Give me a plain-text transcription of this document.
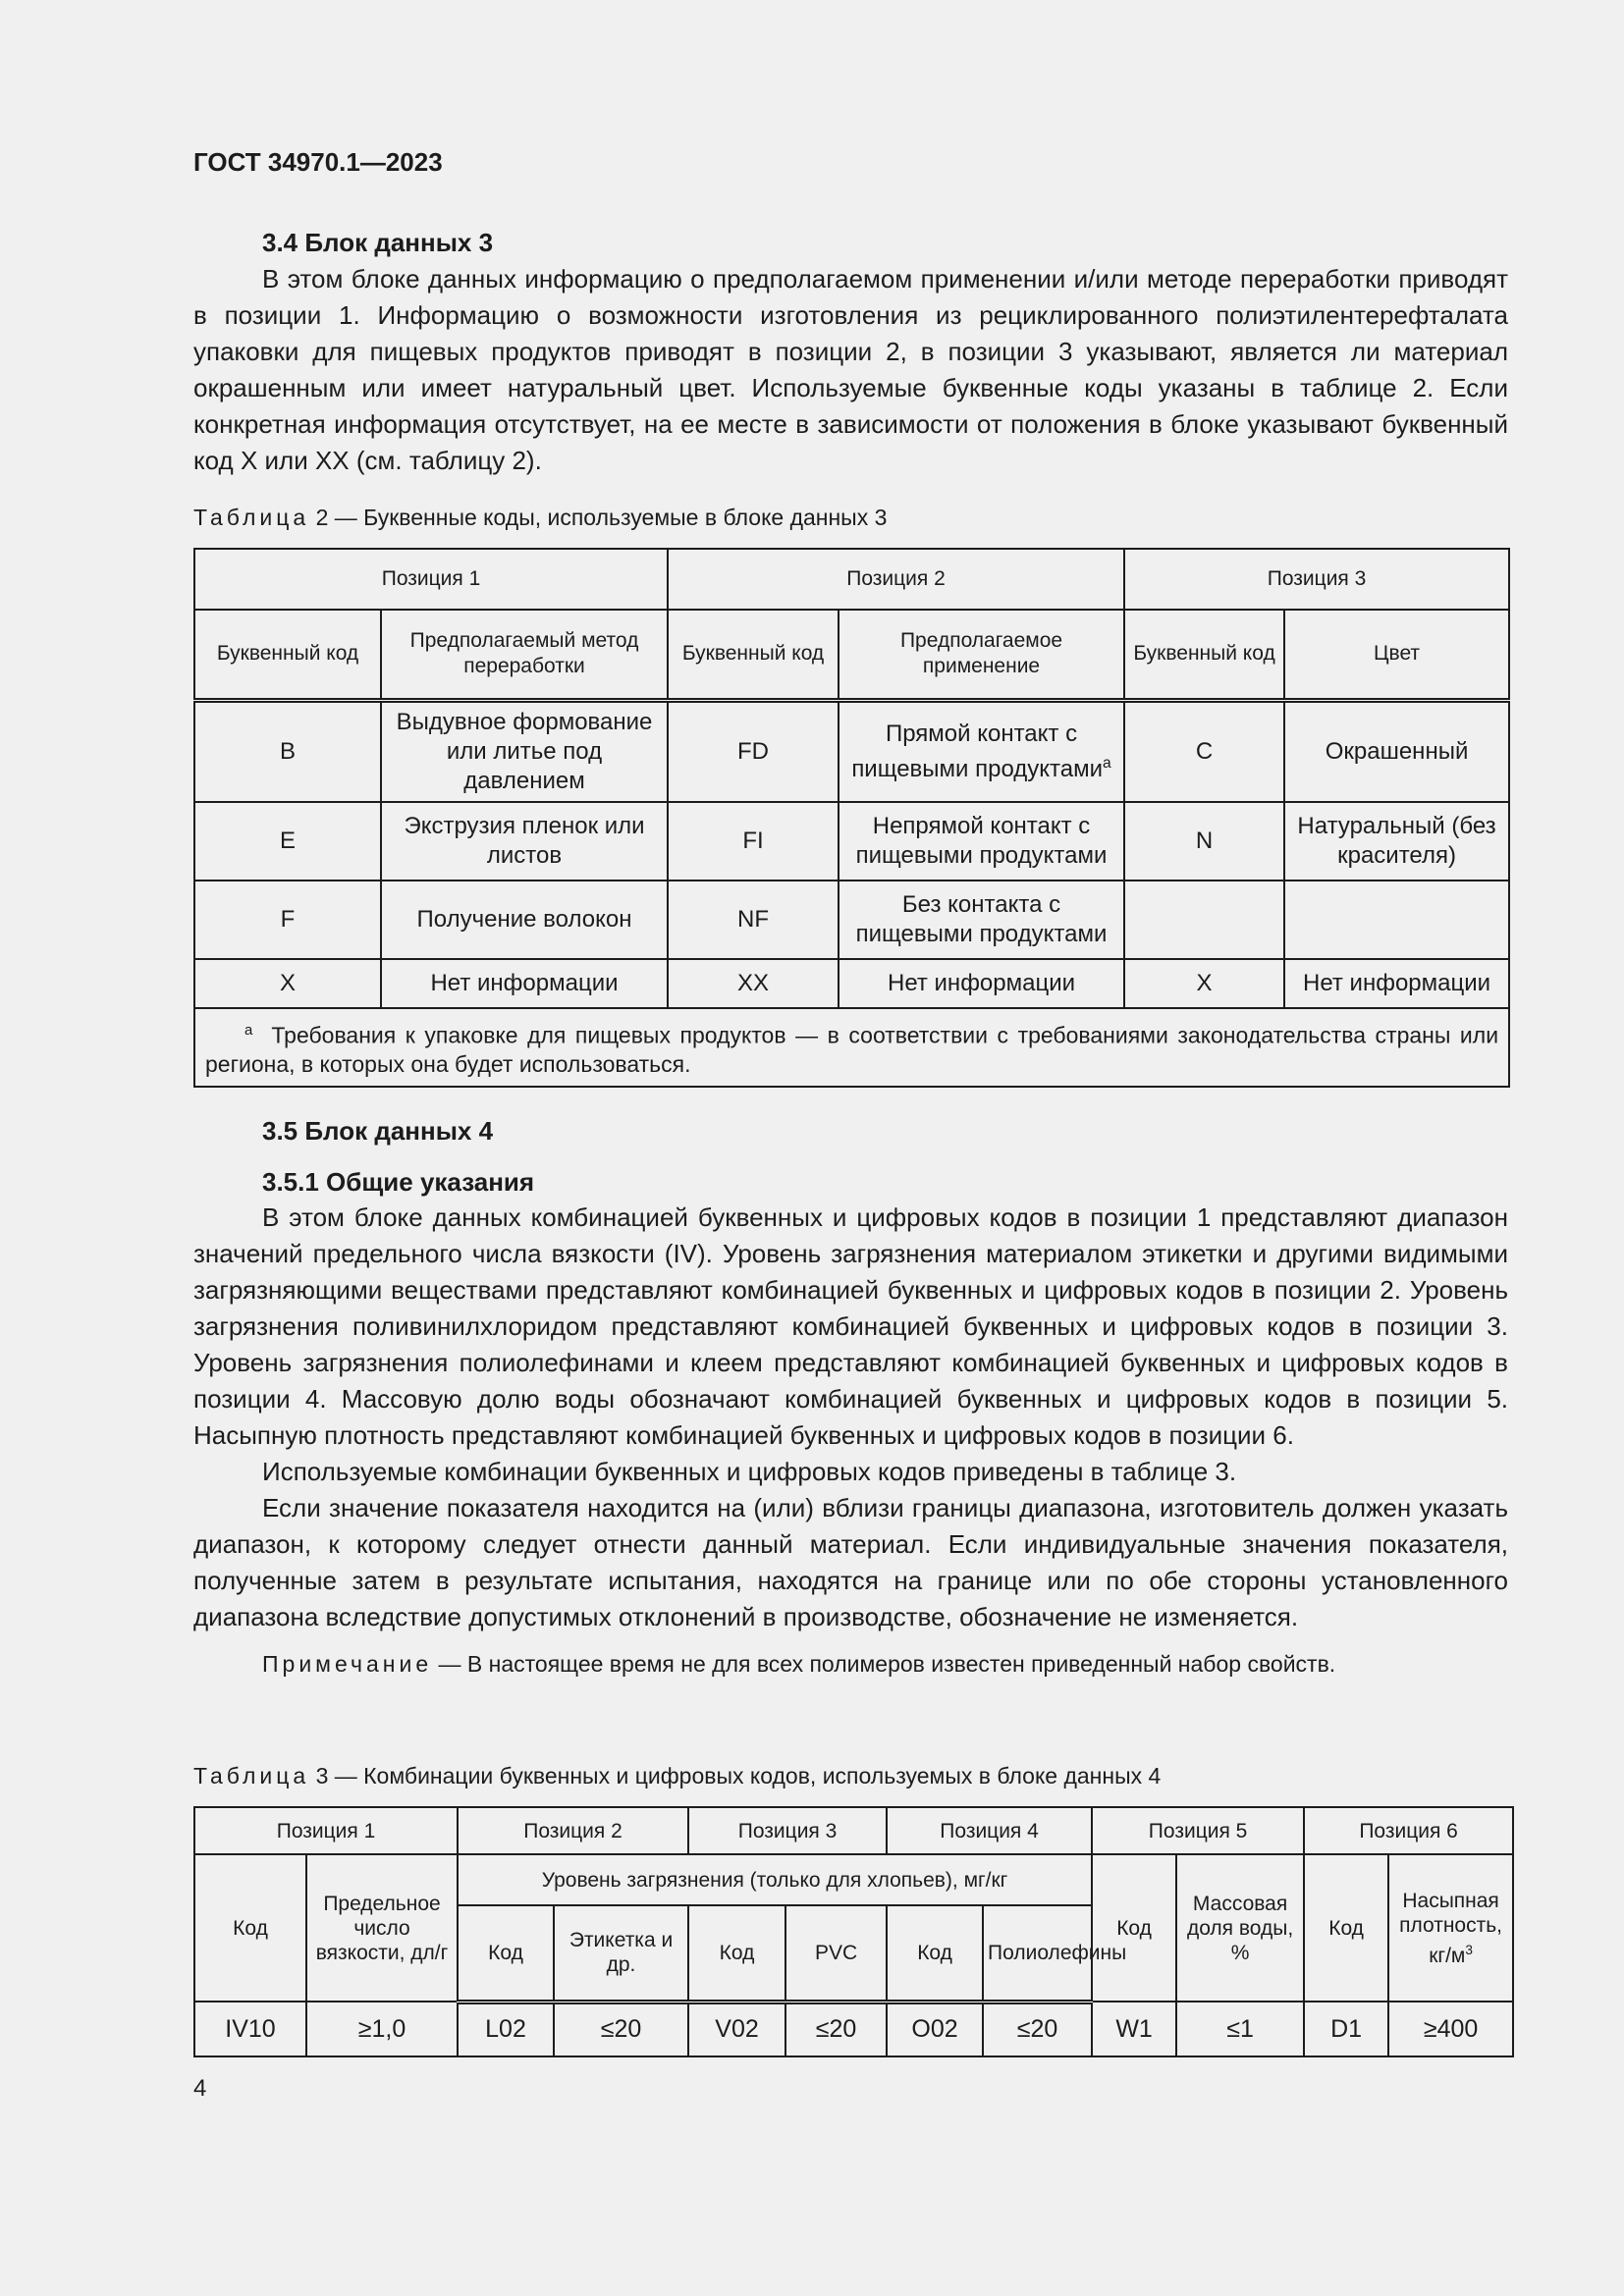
ГОСТ 34970.1—2023
3.4 Блок данных 3

В этом блоке данных информацию о предполагаемом применении и/или методе переработки приводят в позиции 1. Информацию о возможности изготовления из рециклированного полиэтилентерефталата упаковки для пищевых продуктов приводят в позиции 2, в позиции 3 указывают, является ли материал окрашенным или имеет натуральный цвет. Используемые буквенные коды указаны в таблице 2. Если конкретная информация отсутствует, на ее месте в зависимости от положения в блоке указывают буквенный код X или XX (см. таблицу 2).

Таблица 2 — Буквенные коды, используемые в блоке данных 3
Позиция 1		Позиция 2		Позиция 3	
Буквенный код	Предполагаемый метод переработки	Буквенный код	Предполагаемое применение	Буквенный код	Цвет
B	Выдувное формование или литье под давлением	FD	Прямой контакт с пищевыми продуктами$^a$	C	Окрашенный
E	Экструзия пленок или листов	FI	Непрямой контакт с пищевыми продуктами	N	Натуральный (без красителя)
F	Получение волокон	NF	Без контакта с пищевыми продуктами		
X	Нет информации	XX	Нет информации	X	Нет информации
$^a$ Требования к упаковке для пищевых продуктов — в соответствии с требованиями законодательства страны или региона, в которых она будет использоваться.					
3.5 Блок данных 4
3.5.1 Общие указания

В этом блоке данных комбинацией буквенных и цифровых кодов в позиции 1 представляют диапазон значений предельного числа вязкости (IV). Уровень загрязнения материалом этикетки и другими видимыми загрязняющими веществами представляют комбинацией буквенных и цифровых кодов в позиции 2. Уровень загрязнения поливинилхлоридом представляют комбинацией буквенных и цифровых кодов в позиции 3. Уровень загрязнения полиолефинами и клеем представляют комбинацией буквенных и цифровых кодов в позиции 4. Массовую долю воды обозначают комбинацией буквенных и цифровых кодов в позиции 5. Насыпную плотность представляют комбинацией буквенных и цифровых кодов в позиции 6.

Используемые комбинации буквенных и цифровых кодов приведены в таблице 3.

Если значение показателя находится на (или) вблизи границы диапазона, изготовитель должен указать диапазон, к которому следует отнести данный материал. Если индивидуальные значения показателя, полученные затем в результате испытания, находятся на границе или по обе стороны установленного диапазона вследствие допустимых отклонений в производстве, обозначение не изменяется.

Примечание — В настоящее время не для всех полимеров известен приведенный набор свойств.
Таблица 3 — Комбинации буквенных и цифровых кодов, используемых в блоке данных 4
Позиция 1		Позиция 2		Позиция 3		Позиция 4		Позиция 5		Позиция 6	
Код	Предельное число вязкости, дл/г	Уровень загрязнения (только для хлопьев), мг/кг						Код	Массовая доля воды, %	Код	Насыпная плотность, $кг/м^3$
		Код	Этикетка и др.	Код	PVC	Код	Полиолефины				
IV10	≥1,0	L02	≤20	V02	≤20	O02	≤20	W1	≤1	D1	≥400
4
